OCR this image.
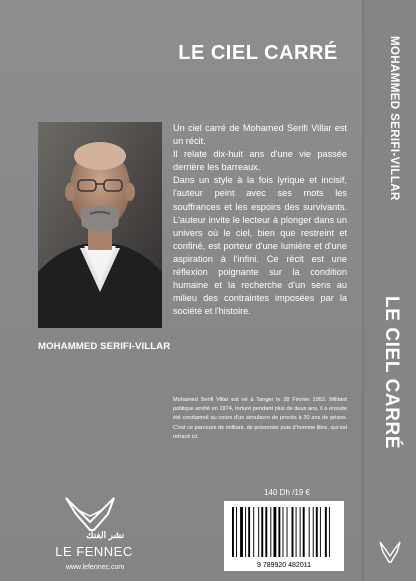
LE CIEL CARRÉ
MOHAMMED SERIFI-VILLAR

Un ciel carré de Mohamed Serifi Villar est un récit.

Il relate dix-huit ans d'une vie passée derrière les barreaux.

Dans un style à la fois lyrique et incisif, l'auteur peint avec ses mots les souffrances et les espoirs des survivants. L'auteur invite le lecteur à plonger dans un univers où le ciel, bien que restreint et confiné, est porteur d'une lumière et d'une aspiration à l'infini. Ce récit est une réflexion poignante sur la condition humaine et la recherche d'un sens au milieu des contraintes imposées par la société et l'histoire.

Mohamed Serifi Villar est né à Tanger le 28 Février 1952. Militant politique arrêté en 1974, torturé pendant plus de deux ans, il a ensuite été condamné au cours d'un simulacre de procès à 30 ans de prison. C'est ce parcours de militant, de prisonnier puis d'homme libre, qui est retracé ici.
MOHAMMED SERIFI-VILLAR
LE CIEL CARRÉ
140 Dh /19 €
9 789920 482011
نشر الفنك
LE FENNEC
www.lefennec.com
